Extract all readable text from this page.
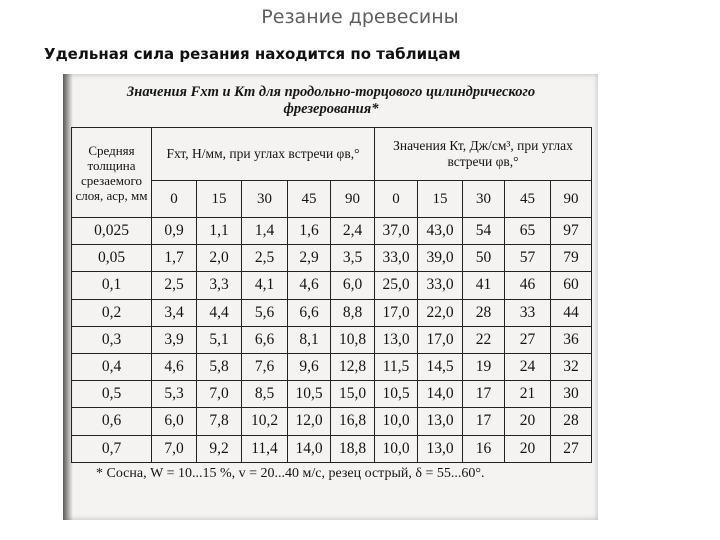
Резание древесины
Удельная сила резания находится по таблицам
Значения Fхт и Кт для продольно-торцового цилиндрического
фрезерования*
Средняя толщина срезаемого слоя, aср, мм	Fхт, Н/мм, при углах встречи φв,°					Значения Кт, Дж/см³, при углах встречи φв,°				
	0	15	30	45	90	0	15	30	45	90
0,025	0,9	1,1	1,4	1,6	2,4	37,0	43,0	54	65	97
0,05	1,7	2,0	2,5	2,9	3,5	33,0	39,0	50	57	79
0,1	2,5	3,3	4,1	4,6	6,0	25,0	33,0	41	46	60
0,2	3,4	4,4	5,6	6,6	8,8	17,0	22,0	28	33	44
0,3	3,9	5,1	6,6	8,1	10,8	13,0	17,0	22	27	36
0,4	4,6	5,8	7,6	9,6	12,8	11,5	14,5	19	24	32
0,5	5,3	7,0	8,5	10,5	15,0	10,5	14,0	17	21	30
0,6	6,0	7,8	10,2	12,0	16,8	10,0	13,0	17	20	28
0,7	7,0	9,2	11,4	14,0	18,8	10,0	13,0	16	20	27
* Сосна, W = 10...15 %, v = 20...40 м/с, резец острый, δ = 55...60°.
